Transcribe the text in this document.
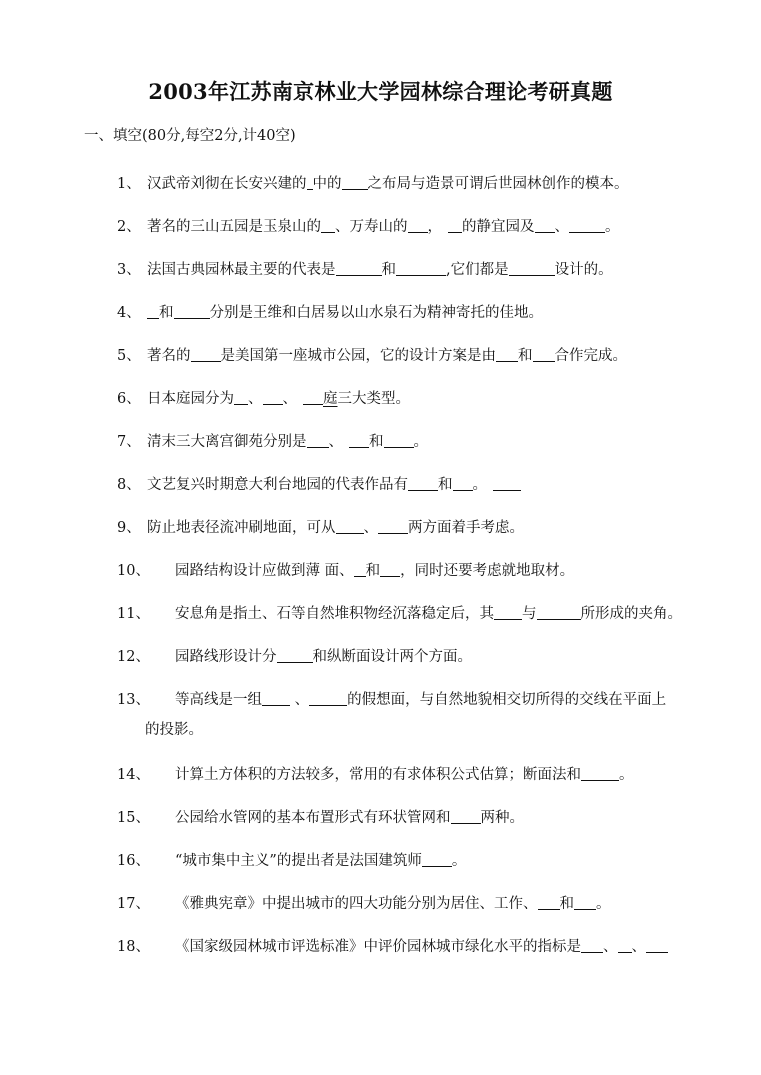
2003年江苏南京林业大学园林综合理论考研真题
一、填空(80分,每空2分,计40空)
1、 汉武帝刘彻在长安兴建的 中的 之布局与造景可谓后世园林创作的模本。
2、 著名的三山五园是玉泉山的 、万寿山的 ， 的静宜园及 、 。
3、 法国古典园林最主要的代表是	和	,它们都是	设计的。
4、 和 分别是王维和白居易以山水泉石为精神寄托的佳地。
5、 著名的 是美国第一座城市公园，它的设计方案是由 和 合作完成。
6、 日本庭园分为 、 、 庭三大类型。
7、 清末三大离宫御苑分别是 、 和 。
8、 文艺复兴时期意大利台地园的代表作品有 和 。
9、 防止地表径流冲刷地面，可从 、 两方面着手考虑。
10、 园路结构设计应做到薄 面、 和 ，同时还要考虑就地取材。
11、 安息角是指土、石等自然堆积物经沉落稳定后，其 与	所形成的夹角。
12、 园路线形设计分 和纵断面设计两个方面。
13、 等高线是一组 、	的假想面，与自然地貌相交切所得的交线在平面上
的投影。
14、 计算土方体积的方法较多，常用的有求体积公式估算；断面法和	。
15、 公园给水管网的基本布置形式有环状管网和 两种。
16、 “城市集中主义”的提出者是法国建筑师 。
17、 《雅典宪章》中提出城市的四大功能分别为居住、工作、 和 。
18、 《国家级园林城市评选标准》中评价园林城市绿化水平的指标是 、 、
